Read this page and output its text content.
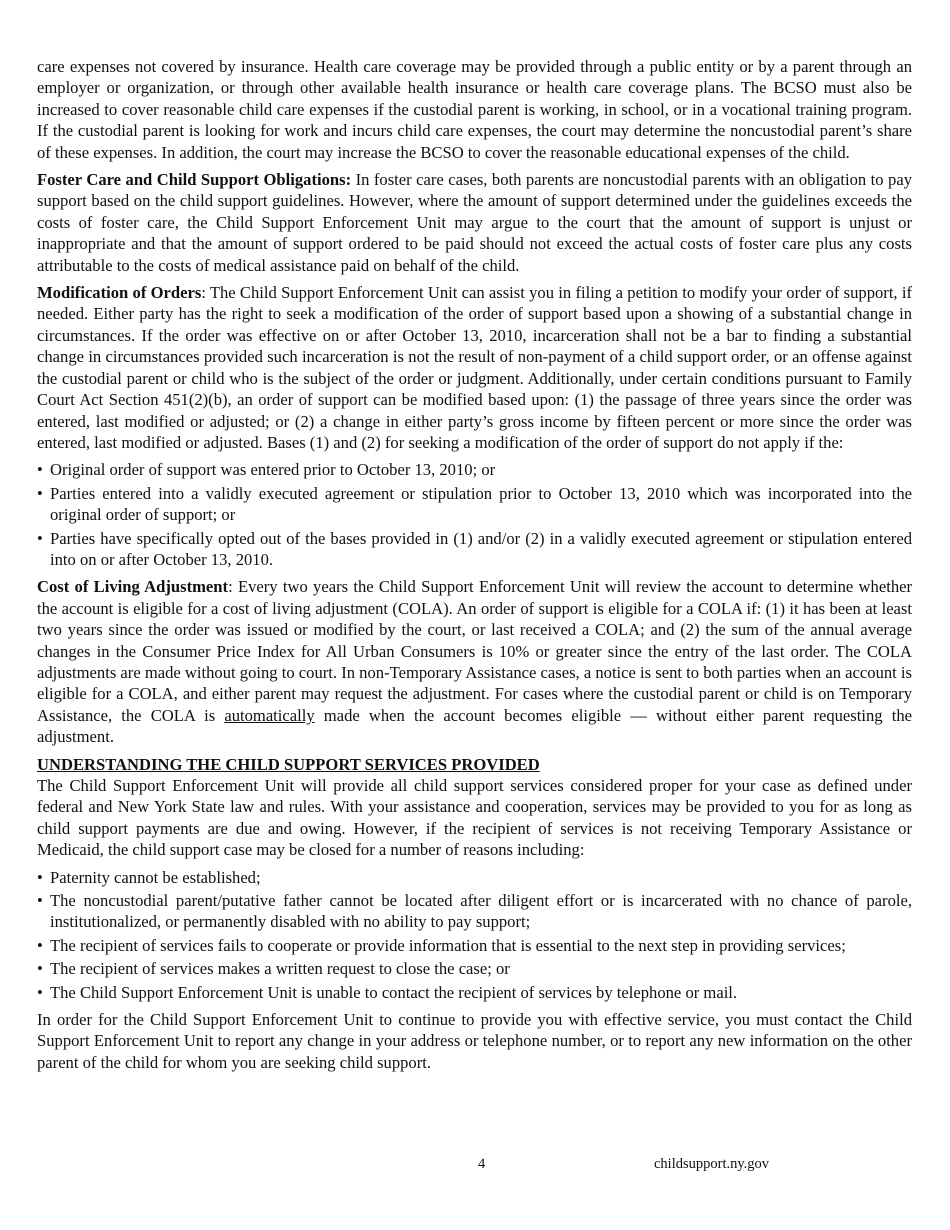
care expenses not covered by insurance. Health care coverage may be provided through a public entity or by a parent through an employer or organization, or through other available health insurance or health care coverage plans. The BCSO must also be increased to cover reasonable child care expenses if the custodial parent is working, in school, or in a vocational training program. If the custodial parent is looking for work and incurs child care expenses, the court may determine the noncustodial parent’s share of these expenses. In addition, the court may increase the BCSO to cover the reasonable educational expenses of the child.

Foster Care and Child Support Obligations: In foster care cases, both parents are noncustodial parents with an obligation to pay support based on the child support guidelines. However, where the amount of support determined under the guidelines exceeds the costs of foster care, the Child Support Enforcement Unit may argue to the court that the amount of support is unjust or inappropriate and that the amount of support ordered to be paid should not exceed the actual costs of foster care plus any costs attributable to the costs of medical assistance paid on behalf of the child.

Modification of Orders: The Child Support Enforcement Unit can assist you in filing a petition to modify your order of support, if needed. Either party has the right to seek a modification of the order of support based upon a showing of a substantial change in circumstances. If the order was effective on or after October 13, 2010, incarceration shall not be a bar to finding a substantial change in circumstances provided such incarceration is not the result of non-payment of a child support order, or an offense against the custodial parent or child who is the subject of the order or judgment. Additionally, under certain conditions pursuant to Family Court Act Section 451(2)(b), an order of support can be modified based upon: (1) the passage of three years since the order was entered, last modified or adjusted; or (2) a change in either party’s gross income by fifteen percent or more since the order was entered, last modified or adjusted. Bases (1) and (2) for seeking a modification of the order of support do not apply if the:

• Original order of support was entered prior to October 13, 2010; or
• Parties entered into a validly executed agreement or stipulation prior to October 13, 2010 which was incorporated into the original order of support; or
• Parties have specifically opted out of the bases provided in (1) and/or (2) in a validly executed agreement or stipulation entered into on or after October 13, 2010.

Cost of Living Adjustment: Every two years the Child Support Enforcement Unit will review the account to determine whether the account is eligible for a cost of living adjustment (COLA). An order of support is eligible for a COLA if: (1) it has been at least two years since the order was issued or modified by the court, or last received a COLA; and (2) the sum of the annual average changes in the Consumer Price Index for All Urban Consumers is 10% or greater since the entry of the last order. The COLA adjustments are made without going to court. In non-Temporary Assistance cases, a notice is sent to both parties when an account is eligible for a COLA, and either parent may request the adjustment. For cases where the custodial parent or child is on Temporary Assistance, the COLA is automatically made when the account becomes eligible — without either parent requesting the adjustment.

UNDERSTANDING THE CHILD SUPPORT SERVICES PROVIDED

The Child Support Enforcement Unit will provide all child support services considered proper for your case as defined under federal and New York State law and rules. With your assistance and cooperation, services may be provided to you for as long as child support payments are due and owing. However, if the recipient of services is not receiving Temporary Assistance or Medicaid, the child support case may be closed for a number of reasons including:

• Paternity cannot be established;
• The noncustodial parent/putative father cannot be located after diligent effort or is incarcerated with no chance of parole, institutionalized, or permanently disabled with no ability to pay support;
• The recipient of services fails to cooperate or provide information that is essential to the next step in providing services;
• The recipient of services makes a written request to close the case; or
• The Child Support Enforcement Unit is unable to contact the recipient of services by telephone or mail.

In order for the Child Support Enforcement Unit to continue to provide you with effective service, you must contact the Child Support Enforcement Unit to report any change in your address or telephone number, or to report any new information on the other parent of the child for whom you are seeking child support.

4	childsupport.ny.gov
